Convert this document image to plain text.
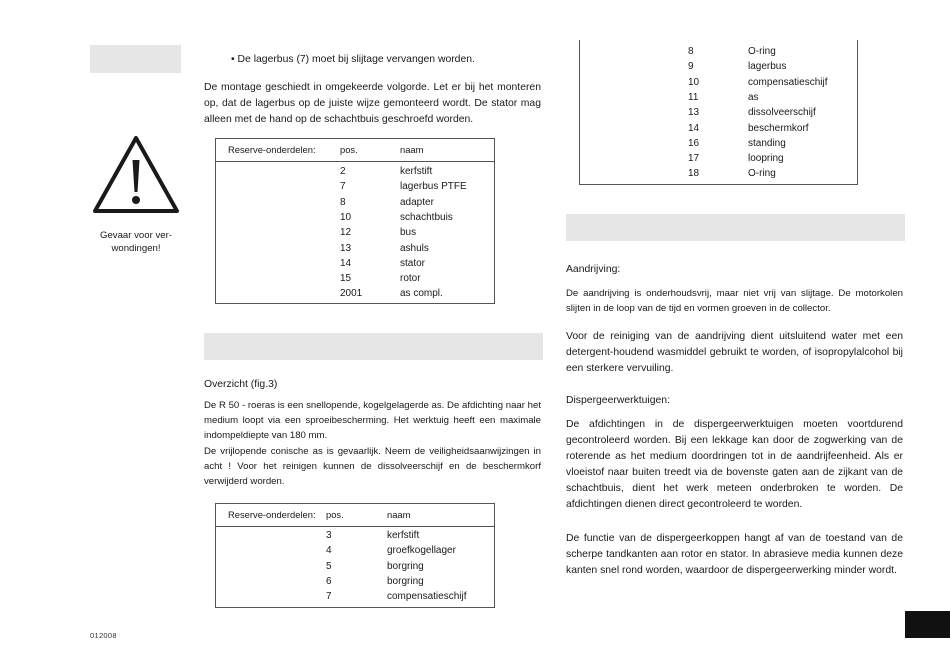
Gevaar voor ver-wondingen!
012008
• De lagerbus (7) moet bij slijtage vervangen worden.

De montage geschiedt in omgekeerde volgorde. Let er bij het monteren op, dat de lagerbus op de juiste wijze gemonteerd wordt. De stator mag alleen met de hand op de schachtbuis geschroefd worden.

Reserve-onderdelen:	pos.	naam
2	kerfstift
7	lagerbus PTFE
8	adapter
10	schachtbuis
12	bus
13	ashuls
14	stator
15	rotor
2001	as compl.
Overzicht (fig.3)

De R 50 - roeras is een snellopende, kogelgelagerde as. De afdichting naar het medium loopt via een sproeibescherming. Het werktuig heeft een maximale indompeldiepte van 180 mm.

De vrijlopende conische as is gevaarlijk. Neem de veiligheidsaanwijzingen in acht ! Voor het reinigen kunnen de dissolveerschijf en de beschermkorf verwijderd worden.

Reserve-onderdelen: pos.	naam
3	kerfstift
4	groefkogellager
5	borgring
6	borgring
7	compensatieschijf
8	O-ring
9	lagerbus
10	compensatieschijf
11	as
13	dissolveerschijf
14	beschermkorf
16	standing
17	loopring
18	O-ring
Aandrijving:

De aandrijving is onderhoudsvrij, maar niet vrij van slijtage. De motorkolen slijten in de loop van de tijd en vormen groeven in de collector.

Voor de reiniging van de aandrijving dient uitsluitend water met een detergent-houdend wasmiddel gebruikt te worden, of isopropylalcohol bij een sterkere vervuiling.

Dispergeerwerktuigen:

De afdichtingen in de dispergeerwerktuigen moeten voortdurend gecontroleerd worden. Bij een lekkage kan door de zogwerking van de roterende as het medium doordringen tot in de aandrijfeenheid. Als er vloeistof naar buiten treedt via de bovenste gaten aan de zijkant van de schachtbuis, dient het werk meteen onderbroken te worden. De afdichtingen dienen direct gecontroleerd te worden.

De functie van de dispergeerkoppen hangt af van de toestand van de scherpe tandkanten aan rotor en stator. In abrasieve media kunnen deze kanten snel rond worden, waardoor de dispergeerwerking minder wordt.
